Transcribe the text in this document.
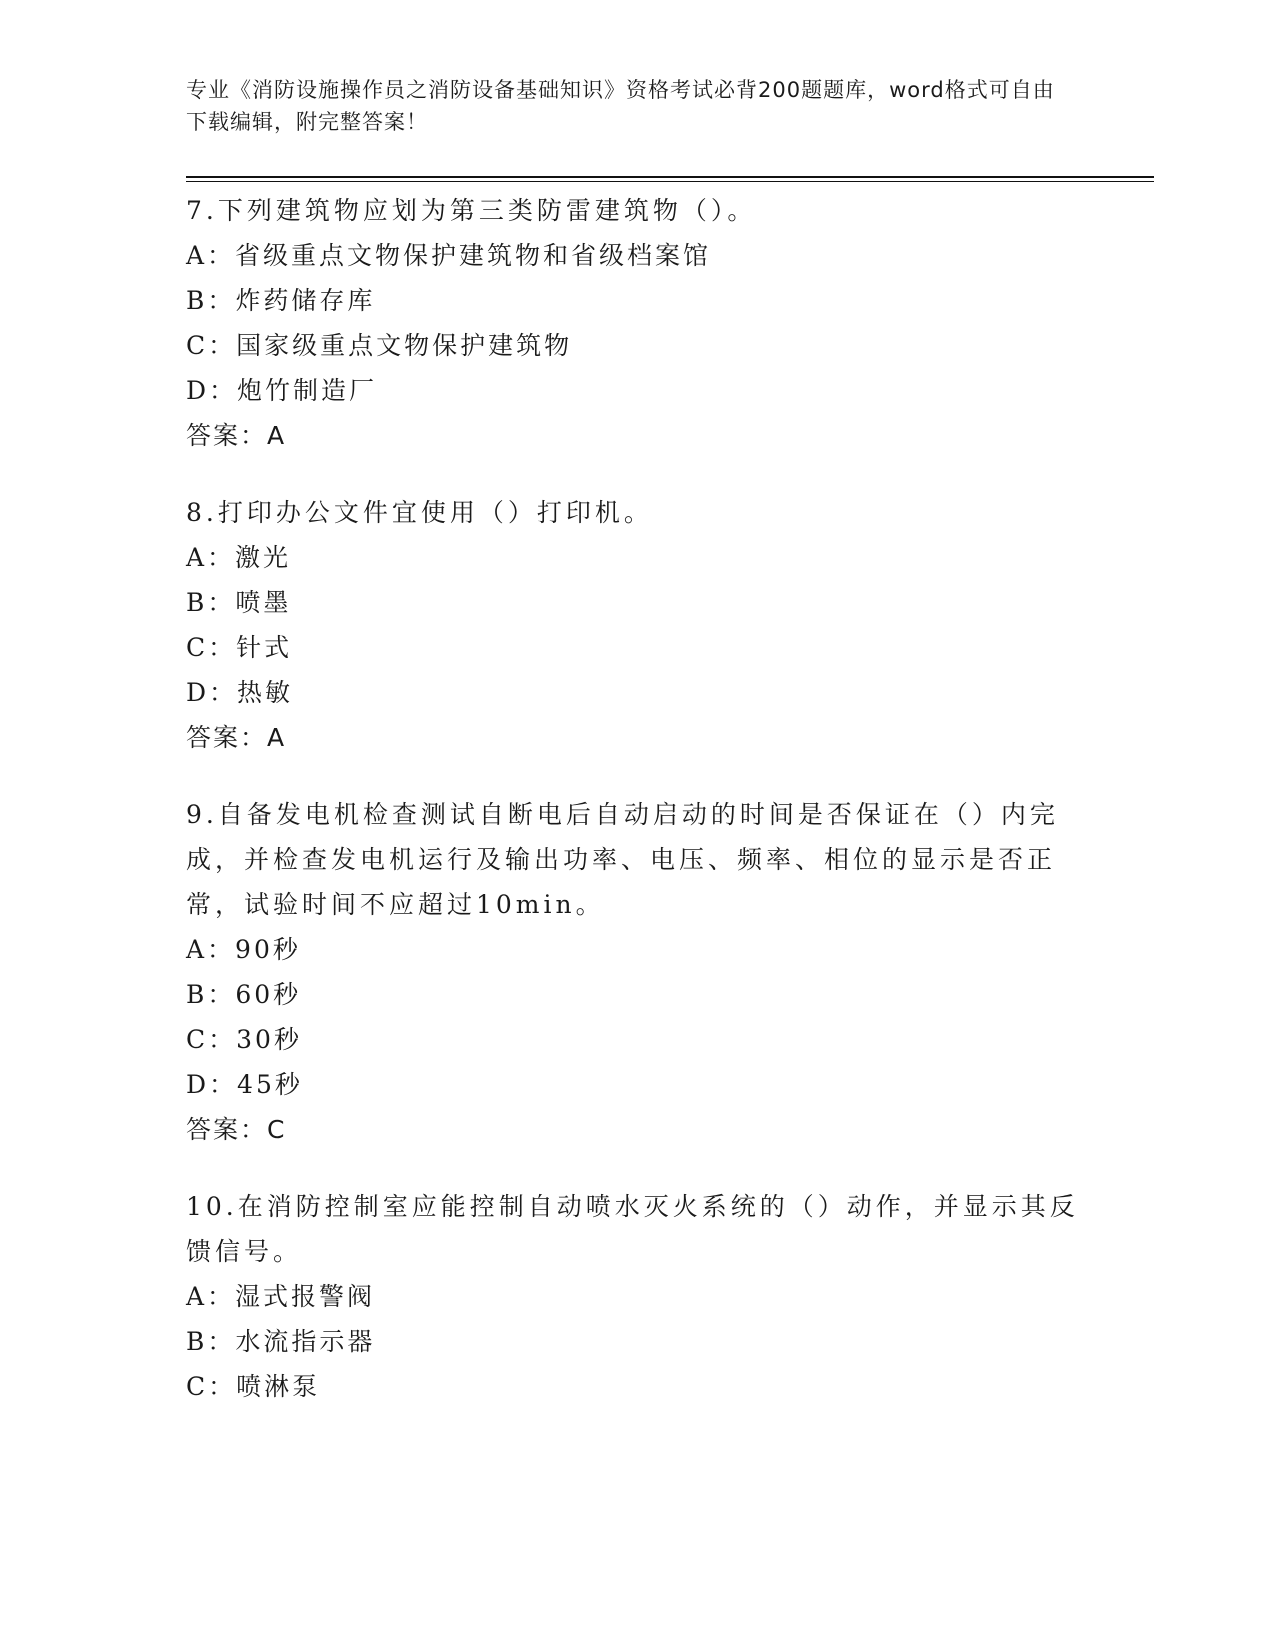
专业《消防设施操作员之消防设备基础知识》资格考试必背200题题库，word格式可自由下载编辑，附完整答案！
7.下列建筑物应划为第三类防雷建筑物（）。
A：省级重点文物保护建筑物和省级档案馆
B：炸药储存库
C：国家级重点文物保护建筑物
D：炮竹制造厂
答案：A
8.打印办公文件宜使用（）打印机。
A：激光
B：喷墨
C：针式
D：热敏
答案：A
9.自备发电机检查测试自断电后自动启动的时间是否保证在（）内完成，并检查发电机运行及输出功率、电压、频率、相位的显示是否正常，试验时间不应超过10min。
A：90秒
B：60秒
C：30秒
D：45秒
答案：C
10.在消防控制室应能控制自动喷水灭火系统的（）动作，并显示其反馈信号。
A：湿式报警阀
B：水流指示器
C：喷淋泵
